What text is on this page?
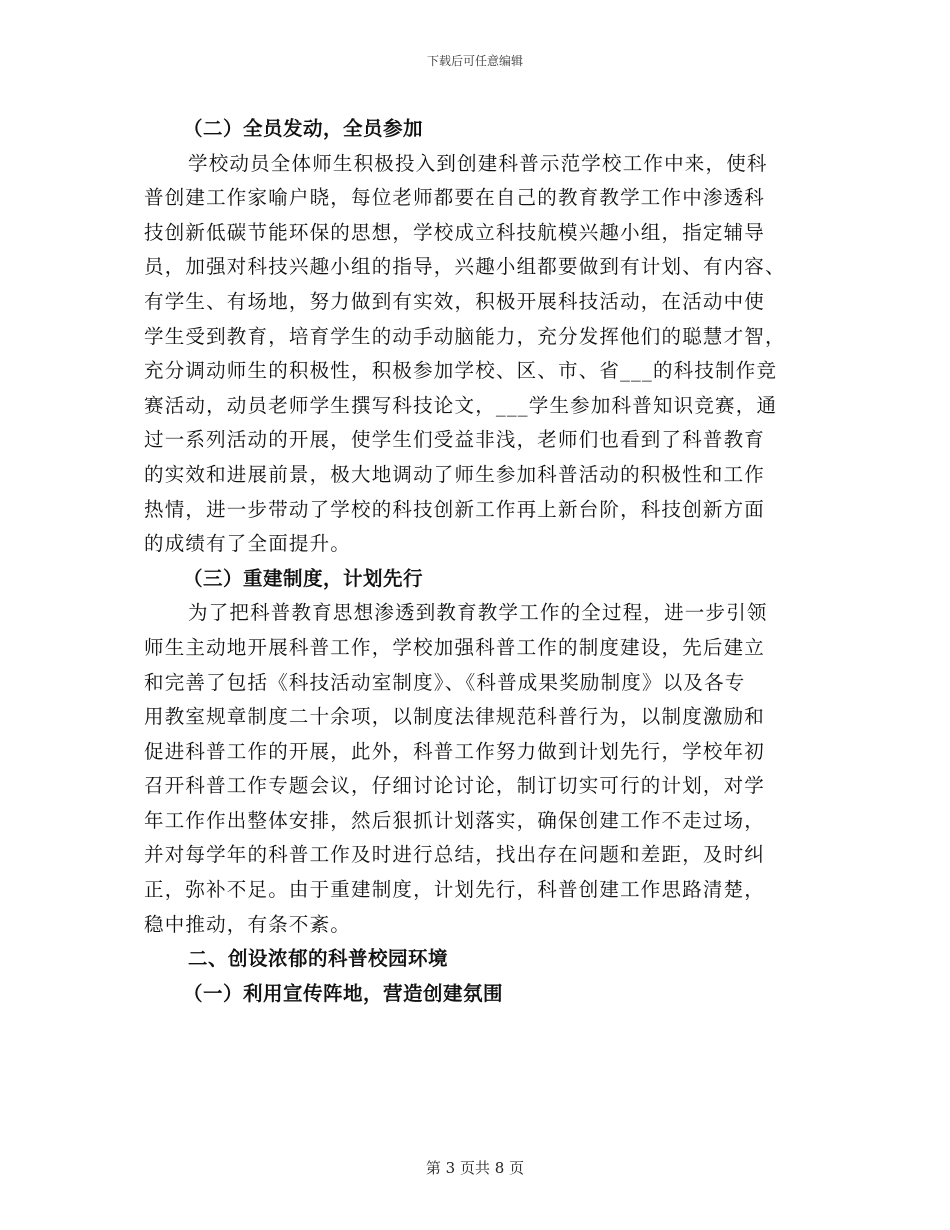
下载后可任意编辑
（二）全员发动，全员参加
学校动员全体师生积极投入到创建科普示范学校工作中来，使科
普创建工作家喻户晓，每位老师都要在自己的教育教学工作中渗透科
技创新低碳节能环保的思想，学校成立科技航模兴趣小组，指定辅导
员，加强对科技兴趣小组的指导，兴趣小组都要做到有计划、有内容、
有学生、有场地，努力做到有实效，积极开展科技活动，在活动中使
学生受到教育，培育学生的动手动脑能力，充分发挥他们的聪慧才智，
充分调动师生的积极性，积极参加学校、区、市、省___的科技制作竞
赛活动，动员老师学生撰写科技论文，___学生参加科普知识竞赛，通
过一系列活动的开展，使学生们受益非浅，老师们也看到了科普教育
的实效和进展前景，极大地调动了师生参加科普活动的积极性和工作
热情，进一步带动了学校的科技创新工作再上新台阶，科技创新方面
的成绩有了全面提升。
（三）重建制度，计划先行
为了把科普教育思想渗透到教育教学工作的全过程，进一步引领
师生主动地开展科普工作，学校加强科普工作的制度建设，先后建立
和完善了包括《科技活动室制度》、《科普成果奖励制度》以及各专
用教室规章制度二十余项，以制度法律规范科普行为，以制度激励和
促进科普工作的开展，此外，科普工作努力做到计划先行，学校年初
召开科普工作专题会议，仔细讨论讨论，制订切实可行的计划，对学
年工作作出整体安排，然后狠抓计划落实，确保创建工作不走过场，
并对每学年的科普工作及时进行总结，找出存在问题和差距，及时纠
正，弥补不足。由于重建制度，计划先行，科普创建工作思路清楚，
稳中推动，有条不紊。
二、创设浓郁的科普校园环境
（一）利用宣传阵地，营造创建氛围
第 3 页共 8 页
